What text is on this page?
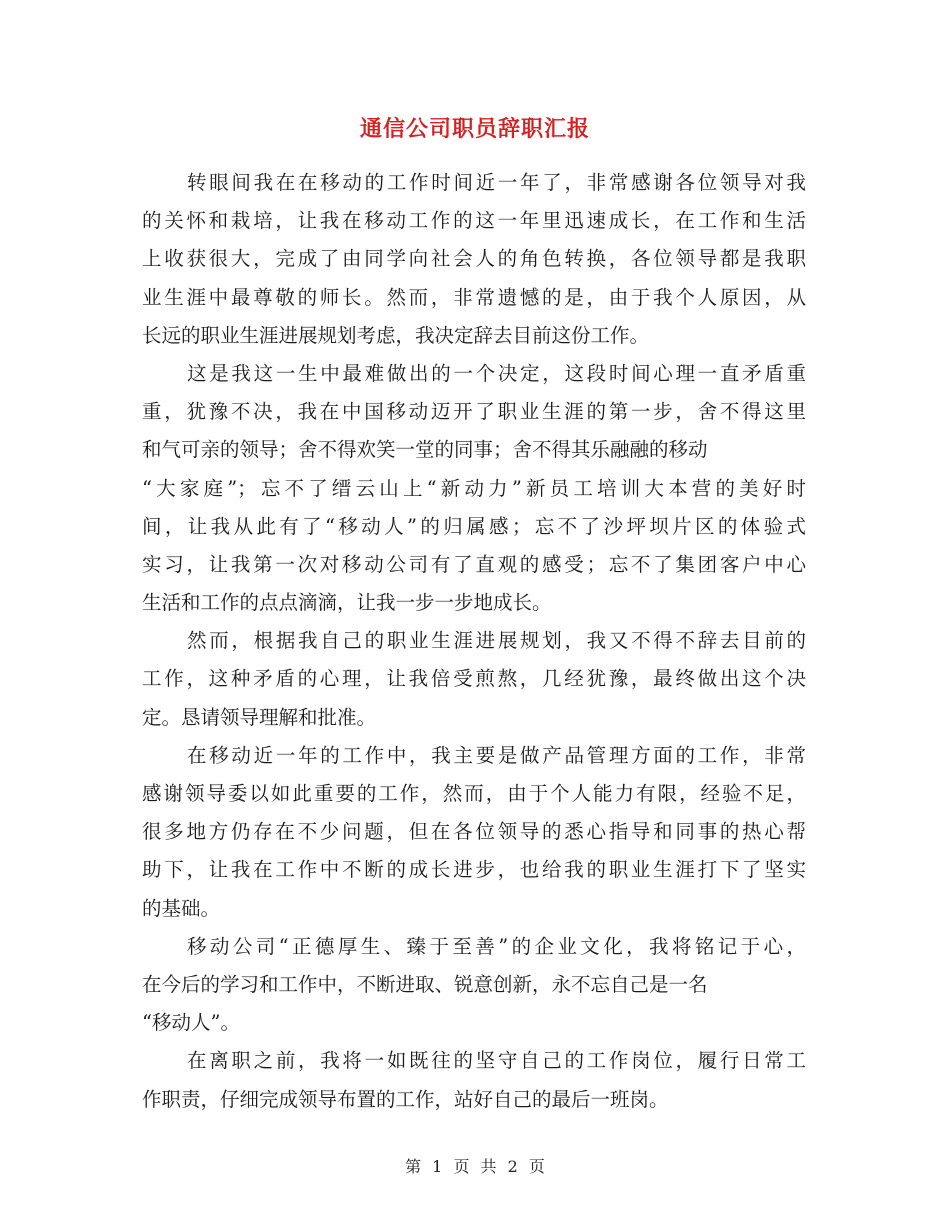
通信公司职员辞职汇报
转眼间我在在移动的工作时间近一年了，非常感谢各位领导对我
的关怀和栽培，让我在移动工作的这一年里迅速成长，在工作和生活
上收获很大，完成了由同学向社会人的角色转换，各位领导都是我职
业生涯中最尊敬的师长。然而，非常遗憾的是，由于我个人原因，从
长远的职业生涯进展规划考虑，我决定辞去目前这份工作。
这是我这一生中最难做出的一个决定，这段时间心理一直矛盾重
重，犹豫不决，我在中国移动迈开了职业生涯的第一步，舍不得这里
和气可亲的领导；舍不得欢笑一堂的同事；舍不得其乐融融的移动
“大家庭”；忘不了缙云山上“新动力”新员工培训大本营的美好时
间，让我从此有了“移动人”的归属感；忘不了沙坪坝片区的体验式
实习，让我第一次对移动公司有了直观的感受；忘不了集团客户中心
生活和工作的点点滴滴，让我一步一步地成长。
然而，根据我自己的职业生涯进展规划，我又不得不辞去目前的
工作，这种矛盾的心理，让我倍受煎熬，几经犹豫，最终做出这个决
定。恳请领导理解和批准。
在移动近一年的工作中，我主要是做产品管理方面的工作，非常
感谢领导委以如此重要的工作，然而，由于个人能力有限，经验不足，
很多地方仍存在不少问题，但在各位领导的悉心指导和同事的热心帮
助下，让我在工作中不断的成长进步，也给我的职业生涯打下了坚实
的基础。
移动公司“正德厚生、臻于至善”的企业文化，我将铭记于心，
在今后的学习和工作中，不断进取、锐意创新，永不忘自己是一名
“移动人”。
在离职之前，我将一如既往的坚守自己的工作岗位，履行日常工
作职责，仔细完成领导布置的工作，站好自己的最后一班岗。
第 1 页 共 2 页
